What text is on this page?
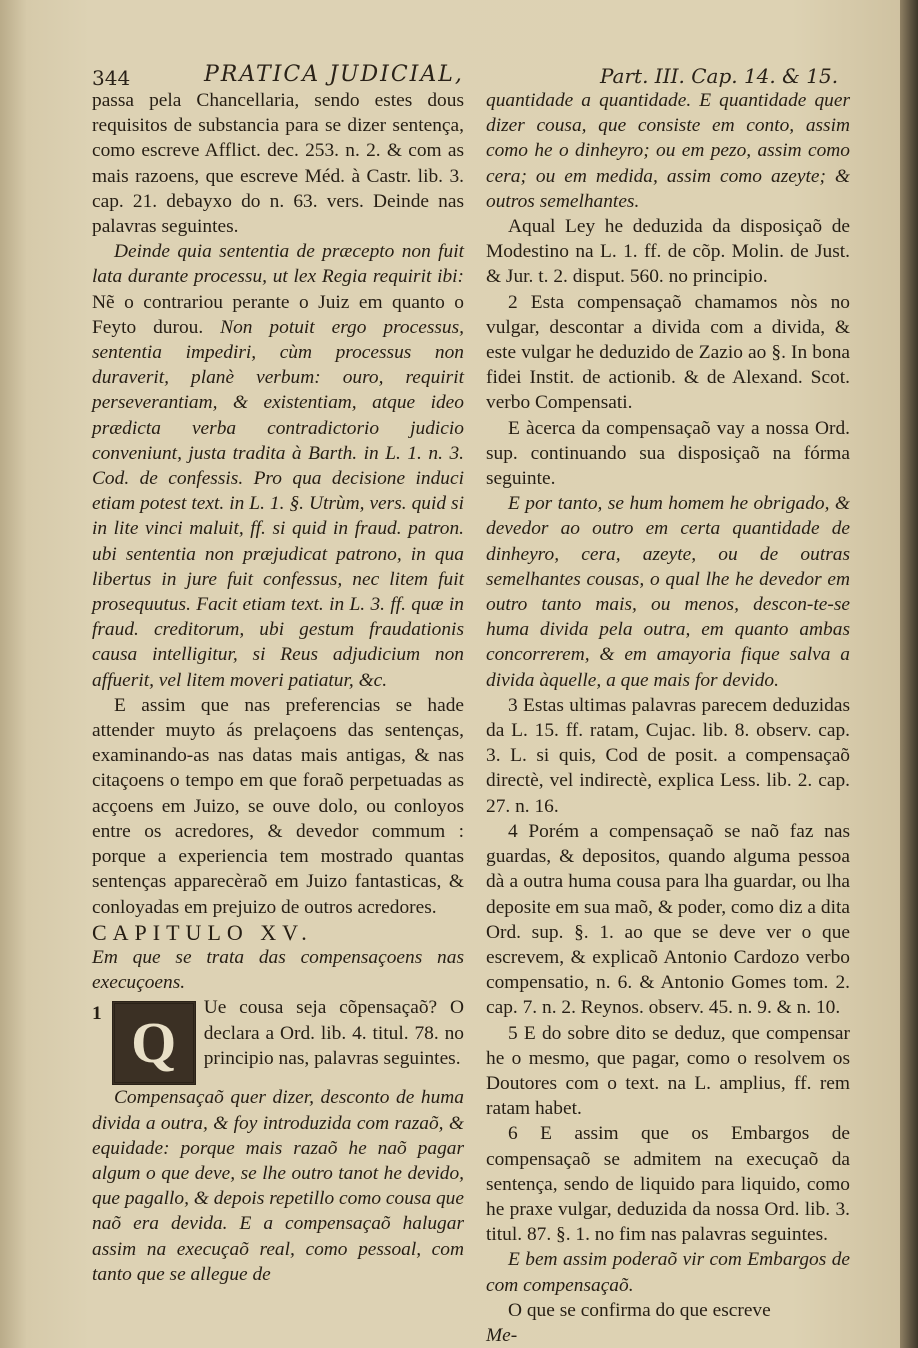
344	PRATICA JUDICIAL,	Part. III. Cap. 14. & 15.

passa pela Chancellaria, sendo estes dous requisitos de substancia para se dizer sentença, como escreve Afflict. dec. 253. n. 2. & com as mais razoens, que escreve Méd. à Castr. lib. 3. cap. 21. debayxo do n. 63. vers. Deinde nas palavras seguintes.

Deinde quia sententia de præcepto non fuit lata durante processu, ut lex Regia requirit ibi: Nẽ o contrariou perante o Juiz em quanto o Feyto durou. Non potuit ergo processus, sententia impediri, cùm processus non duraverit, planè verbum: ouro, requirit perseverantiam, & existentiam, atque ideo prædicta verba contradictorio judicio conveniunt, justa tradita à Barth. in L. 1. n. 3. Cod. de confessis. Pro qua decisione induci etiam potest text. in L. 1. §. Utrùm, vers. quid si in lite vinci maluit, ff. si quid in fraud. patron. ubi sententia non præjudicat patrono, in qua libertus in jure fuit confessus, nec litem fuit prosequutus. Facit etiam text. in L. 3. ff. quæ in fraud. creditorum, ubi gestum fraudationis causa intelligitur, si Reus adjudicium non affuerit, vel litem moveri patiatur, &c.

E assim que nas preferencias se hade attender muyto ás prelaçoens das sentenças, examinando-as nas datas mais antigas, & nas citaçoens o tempo em que foraõ perpetuadas as acçoens em Juizo, se ouve dolo, ou conloyos entre os acredores, & devedor commum : porque a experiencia tem mostrado quantas sentenças apparecèraõ em Juizo fantasticas, & conloyadas em prejuizo de outros acredores.

CAPITULO XV.

Em que se trata das compensaçoens nas execuçoens.

1 Q

Ue cousa seja cõpensaçaõ? O declara a Ord. lib. 4. titul. 78. no principio nas, palavras seguintes.

Compensaçaõ quer dizer, desconto de huma divida a outra, & foy introduzida com razaõ, & equidade: porque mais razaõ he naõ pagar algum o que deve, se lhe outro tanot he devido, que pagallo, & depois repetillo como cousa que naõ era devida. E a compensaçaõ halugar assim na execuçaõ real, como pessoal, com tanto que se allegue de

quantidade a quantidade. E quantidade quer dizer cousa, que consiste em conto, assim como he o dinheyro; ou em pezo, assim como cera; ou em medida, assim como azeyte; & outros semelhantes.

Aqual Ley he deduzida da disposiçaõ de Modestino na L. 1. ff. de cõp. Molin. de Just. & Jur. t. 2. disput. 560. no principio.

2 Esta compensaçaõ chamamos nòs no vulgar, descontar a divida com a divida, & este vulgar he deduzido de Zazio ao §. In bona fidei Instit. de actionib. & de Alexand. Scot. verbo Compensati.

E àcerca da compensaçaõ vay a nossa Ord. sup. continuando sua disposiçaõ na fórma seguinte.

E por tanto, se hum homem he obrigado, & devedor ao outro em certa quantidade de dinheyro, cera, azeyte, ou de outras semelhantes cousas, o qual lhe he devedor em outro tanto mais, ou menos, descon-te-se huma divida pela outra, em quanto ambas concorrerem, & em amayoria fique salva a divida àquelle, a que mais for devido.

3 Estas ultimas palavras parecem deduzidas da L. 15. ff. ratam, Cujac. lib. 8. observ. cap. 3. L. si quis, Cod de posit. a compensaçaõ directè, vel indirectè, explica Less. lib. 2. cap. 27. n. 16.

4 Porém a compensaçaõ se naõ faz nas guardas, & depositos, quando alguma pessoa dà a outra huma cousa para lha guardar, ou lha deposite em sua maõ, & poder, como diz a dita Ord. sup. §. 1. ao que se deve ver o que escrevem, & explicaõ Antonio Cardozo verbo compensatio, n. 6. & Antonio Gomes tom. 2. cap. 7. n. 2. Reynos. observ. 45. n. 9. & n. 10.

5 E do sobre dito se deduz, que compensar he o mesmo, que pagar, como o resolvem os Doutores com o text. na L. amplius, ff. rem ratam habet.

6 E assim que os Embargos de compensaçaõ se admitem na execuçaõ da sentença, sendo de liquido para liquido, como he praxe vulgar, deduzida da nossa Ord. lib. 3. titul. 87. §. 1. no fim nas palavras seguintes.

E bem assim poderaõ vir com Embargos de com compensaçaõ.

O que se confirma do que escreve

Me-
